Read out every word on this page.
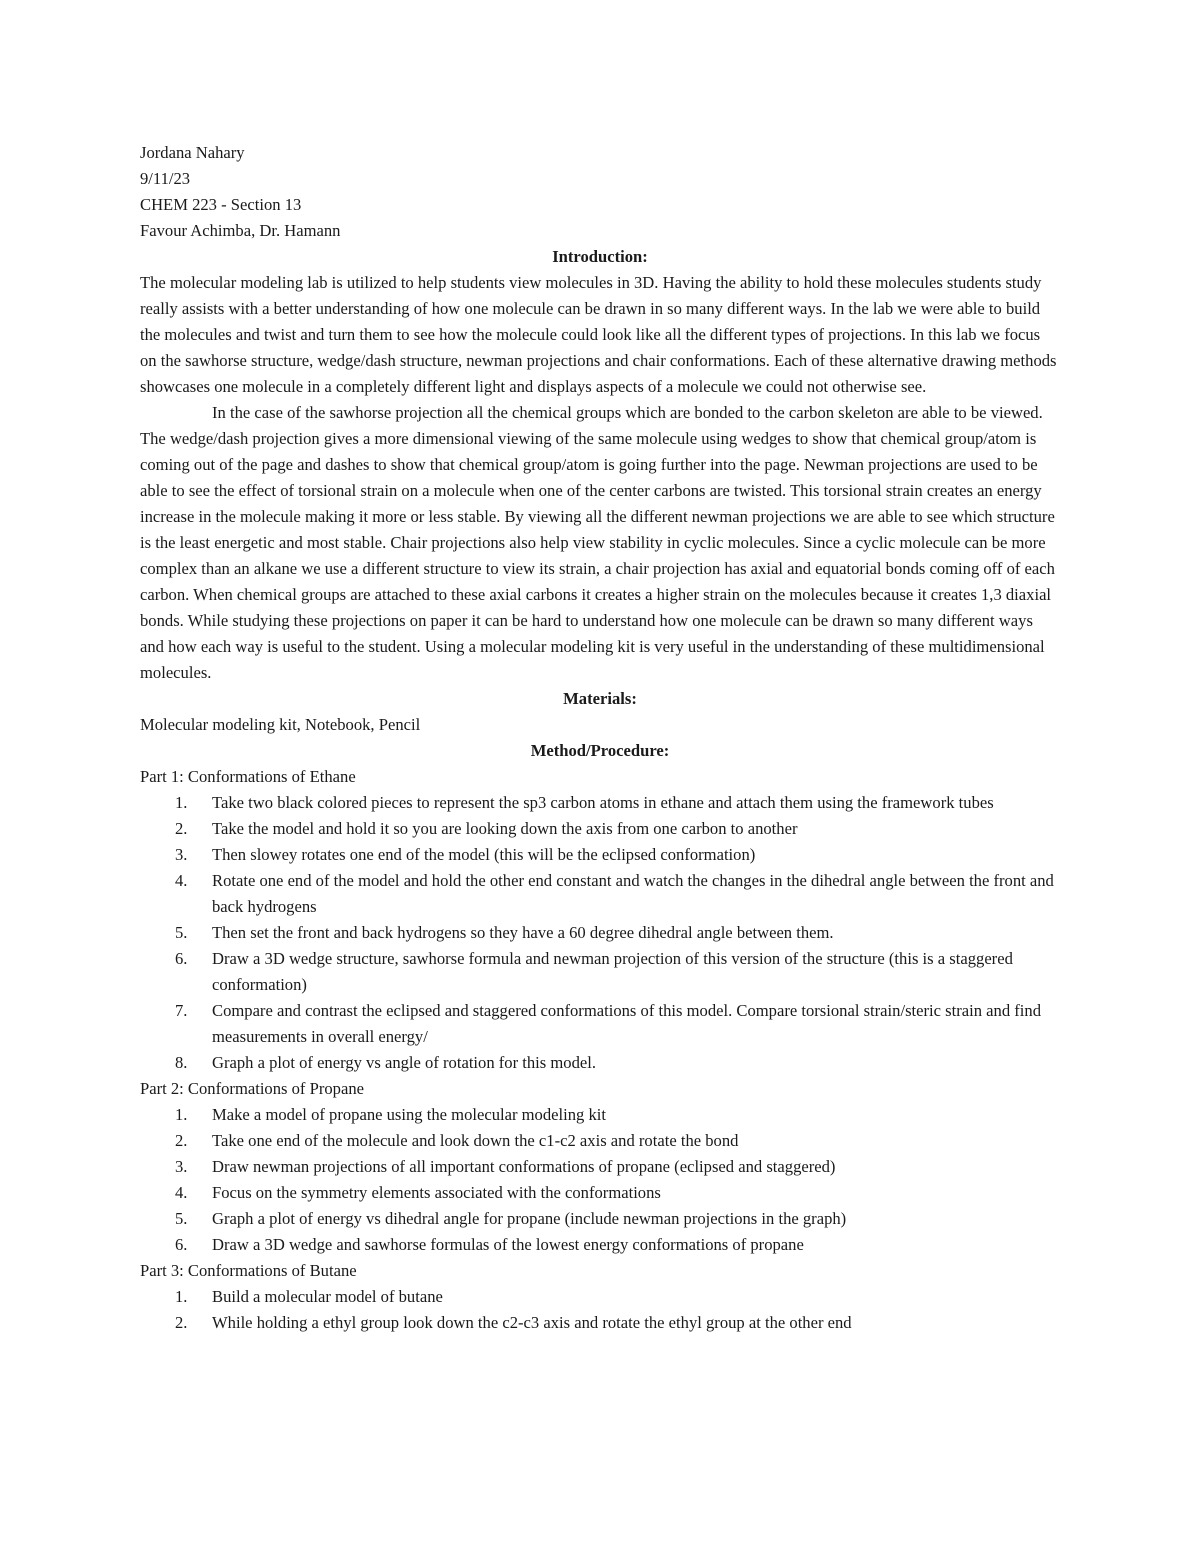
Jordana Nahary

9/11/23

CHEM 223 - Section 13

Favour Achimba, Dr. Hamann

Introduction:

The molecular modeling lab is utilized to help students view molecules in 3D. Having the ability to hold these molecules students study really assists with a better understanding of how one molecule can be drawn in so many different ways. In the lab we were able to build the molecules and twist and turn them to see how the molecule could look like all the different types of projections. In this lab we focus on the sawhorse structure, wedge/dash structure, newman projections and chair conformations. Each of these alternative drawing methods showcases one molecule in a completely different light and displays aspects of a molecule we could not otherwise see.

In the case of the sawhorse projection all the chemical groups which are bonded to the carbon skeleton are able to be viewed. The wedge/dash projection gives a more dimensional viewing of the same molecule using wedges to show that chemical group/atom is coming out of the page and dashes to show that chemical group/atom is going further into the page. Newman projections are used to be able to see the effect of torsional strain on a molecule when one of the center carbons are twisted. This torsional strain creates an energy increase in the molecule making it more or less stable. By viewing all the different newman projections we are able to see which structure is the least energetic and most stable. Chair projections also help view stability in cyclic molecules. Since a cyclic molecule can be more complex than an alkane we use a different structure to view its strain, a chair projection has axial and equatorial bonds coming off of each carbon. When chemical groups are attached to these axial carbons it creates a higher strain on the molecules because it creates 1,3 diaxial bonds. While studying these projections on paper it can be hard to understand how one molecule can be drawn so many different ways and how each way is useful to the student. Using a molecular modeling kit is very useful in the understanding of these multidimensional molecules.

Materials:

Molecular modeling kit, Notebook, Pencil

Method/Procedure:

Part 1: Conformations of Ethane

1. Take two black colored pieces to represent the sp3 carbon atoms in ethane and attach them using the framework tubes
2. Take the model and hold it so you are looking down the axis from one carbon to another
3. Then slowey rotates one end of the model (this will be the eclipsed conformation)
4. Rotate one end of the model and hold the other end constant and watch the changes in the dihedral angle between the front and back hydrogens
5. Then set the front and back hydrogens so they have a 60 degree dihedral angle between them.
6. Draw a 3D wedge structure, sawhorse formula and newman projection of this version of the structure (this is a staggered conformation)
7. Compare and contrast the eclipsed and staggered conformations of this model. Compare torsional strain/steric strain and find measurements in overall energy/
8. Graph a plot of energy vs angle of rotation for this model.

Part 2: Conformations of Propane

1. Make a model of propane using the molecular modeling kit
2. Take one end of the molecule and look down the c1-c2 axis and rotate the bond
3. Draw newman projections of all important conformations of propane (eclipsed and staggered)
4. Focus on the symmetry elements associated with the conformations
5. Graph a plot of energy vs dihedral angle for propane (include newman projections in the graph)
6. Draw a 3D wedge and sawhorse formulas of the lowest energy conformations of propane

Part 3: Conformations of Butane

1. Build a molecular model of butane
2. While holding a ethyl group look down the c2-c3 axis and rotate the ethyl group at the other end
